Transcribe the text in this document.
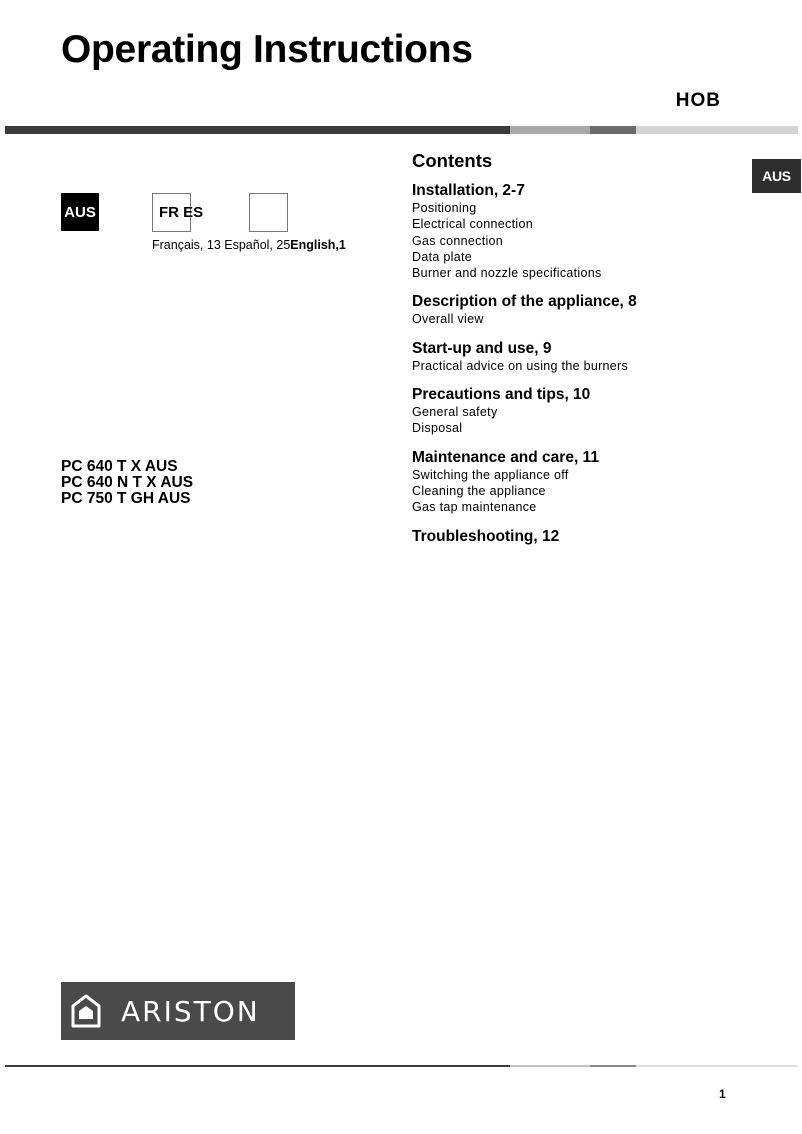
Operating Instructions
HOB
AUS
AUS	FR ES
Français, 13 Español, 25English,1
PC 640 T X AUS
PC 640 N T X AUS
PC 750 T GH AUS
Contents
Installation, 2-7
Positioning
Electrical connection
Gas connection
Data plate
Burner and nozzle specifications
Description of the appliance, 8
Overall view
Start-up and use, 9
Practical advice on using the burners
Precautions and tips, 10
General safety
Disposal
Maintenance and care, 11
Switching the appliance off
Cleaning the appliance
Gas tap maintenance
Troubleshooting, 12
ARISTON
1
